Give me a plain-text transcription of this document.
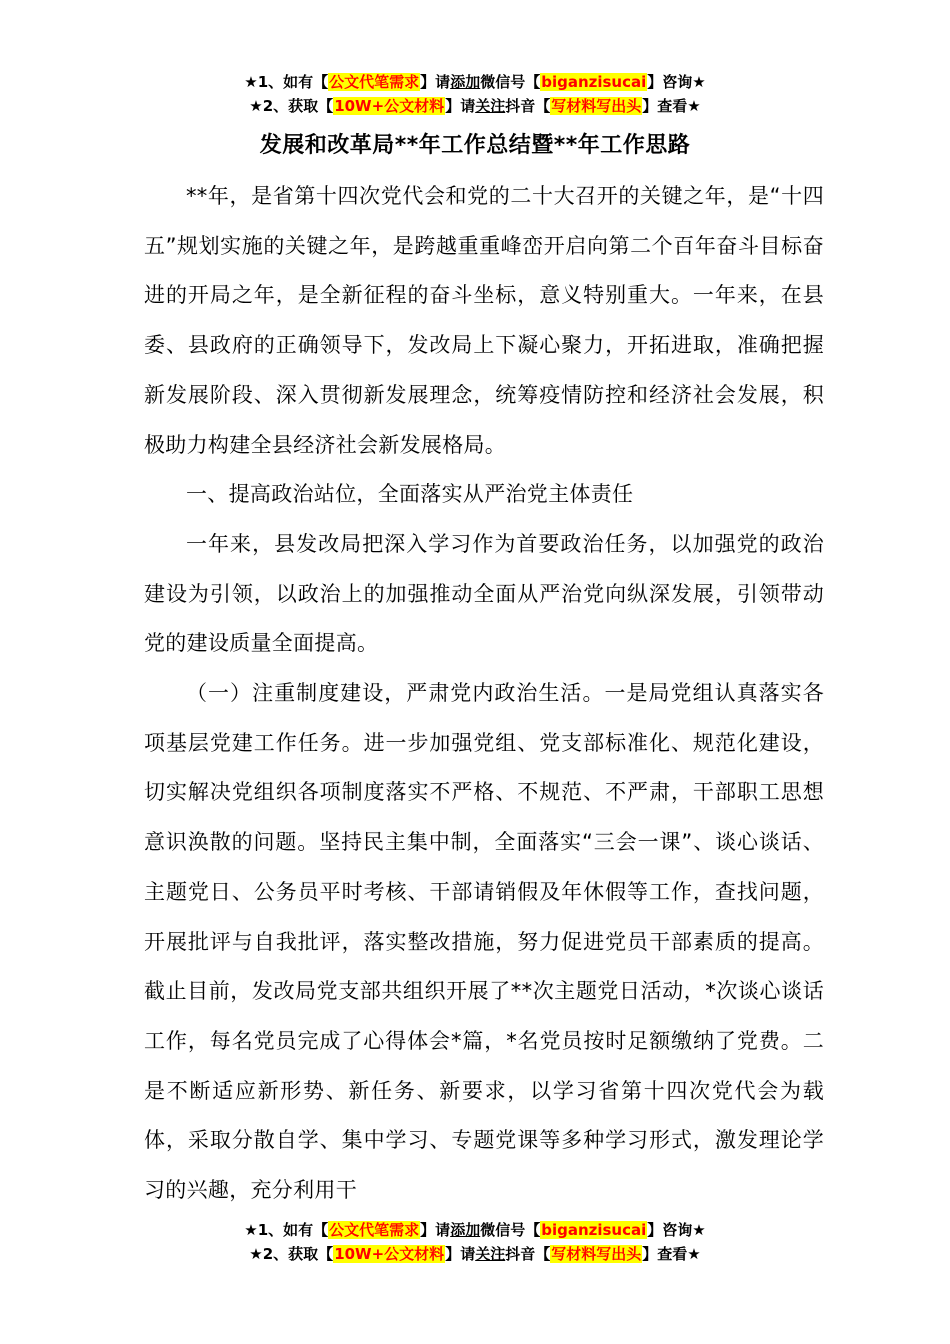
★1、如有【公文代笔需求】请添加微信号【biganzisucai】咨询★
★2、获取【10W+公文材料】请关注抖音【写材料写出头】查看★
发展和改革局**年工作总结暨**年工作思路

**年，是省第十四次党代会和党的二十大召开的关键之年，是“十四五”规划实施的关键之年，是跨越重重峰峦开启向第二个百年奋斗目标奋进的开局之年，是全新征程的奋斗坐标，意义特别重大。一年来，在县委、县政府的正确领导下，发改局上下凝心聚力，开拓进取，准确把握新发展阶段、深入贯彻新发展理念，统筹疫情防控和经济社会发展，积极助力构建全县经济社会新发展格局。

一、提高政治站位，全面落实从严治党主体责任

一年来，县发改局把深入学习作为首要政治任务，以加强党的政治建设为引领，以政治上的加强推动全面从严治党向纵深发展，引领带动党的建设质量全面提高。

（一）注重制度建设，严肃党内政治生活。一是局党组认真落实各项基层党建工作任务。进一步加强党组、党支部标准化、规范化建设，切实解决党组织各项制度落实不严格、不规范、不严肃，干部职工思想意识涣散的问题。坚持民主集中制，全面落实“三会一课”、谈心谈话、主题党日、公务员平时考核、干部请销假及年休假等工作，查找问题，开展批评与自我批评，落实整改措施，努力促进党员干部素质的提高。截止目前，发改局党支部共组织开展了**次主题党日活动，*次谈心谈话工作，每名党员完成了心得体会*篇，*名党员按时足额缴纳了党费。二是不断适应新形势、新任务、新要求，以学习省第十四次党代会为载体，采取分散自学、集中学习、专题党课等多种学习形式，激发理论学习的兴趣，充分利用干

★1、如有【公文代笔需求】请添加微信号【biganzisucai】咨询★
★2、获取【10W+公文材料】请关注抖音【写材料写出头】查看★
